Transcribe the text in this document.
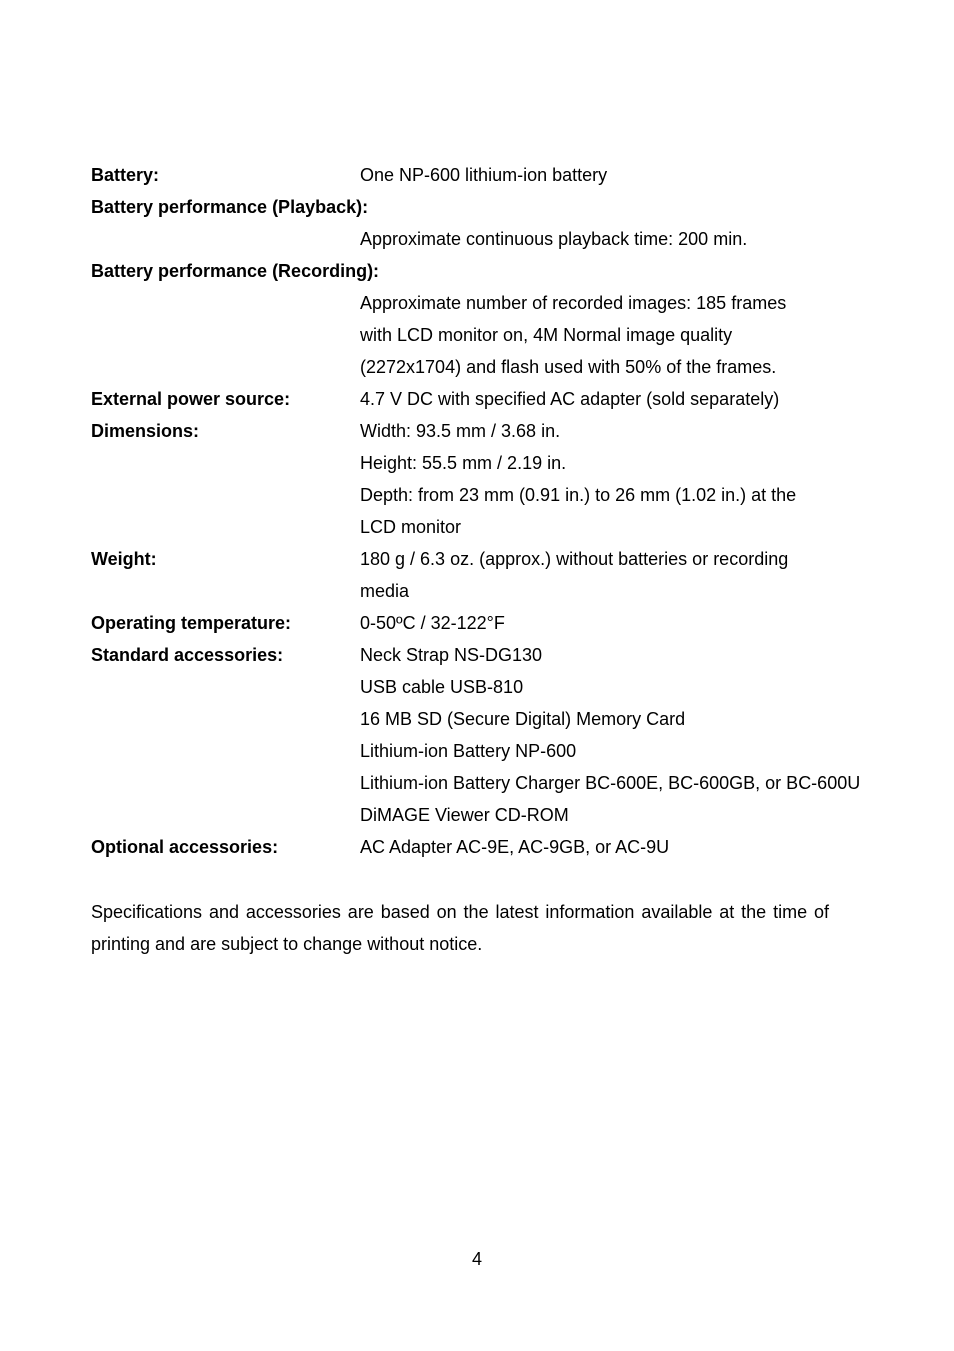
Battery:	One NP-600 lithium-ion battery
Battery performance (Playback):
Approximate continuous playback time: 200 min.
Battery performance (Recording):
Approximate number of recorded images: 185 frames
with LCD monitor on, 4M Normal image quality
(2272x1704) and flash used with 50% of the frames.
External power source:	4.7 V DC with specified AC adapter (sold separately)
Dimensions:	Width: 93.5 mm / 3.68 in.
Height: 55.5 mm / 2.19 in.
Depth: from 23 mm (0.91 in.) to 26 mm (1.02 in.) at the
LCD monitor
Weight:	180 g / 6.3 oz. (approx.) without batteries or recording
media
Operating temperature:	0-50ºC / 32-122°F
Standard accessories:	Neck Strap NS-DG130
USB cable USB-810
16 MB SD (Secure Digital) Memory Card
Lithium-ion Battery NP-600
Lithium-ion Battery Charger BC-600E, BC-600GB, or BC-600U
DiMAGE Viewer CD-ROM
Optional accessories:	AC Adapter AC-9E, AC-9GB, or AC-9U

Specifications and accessories are based on the latest information available at the time of printing and are subject to change without notice.

4
